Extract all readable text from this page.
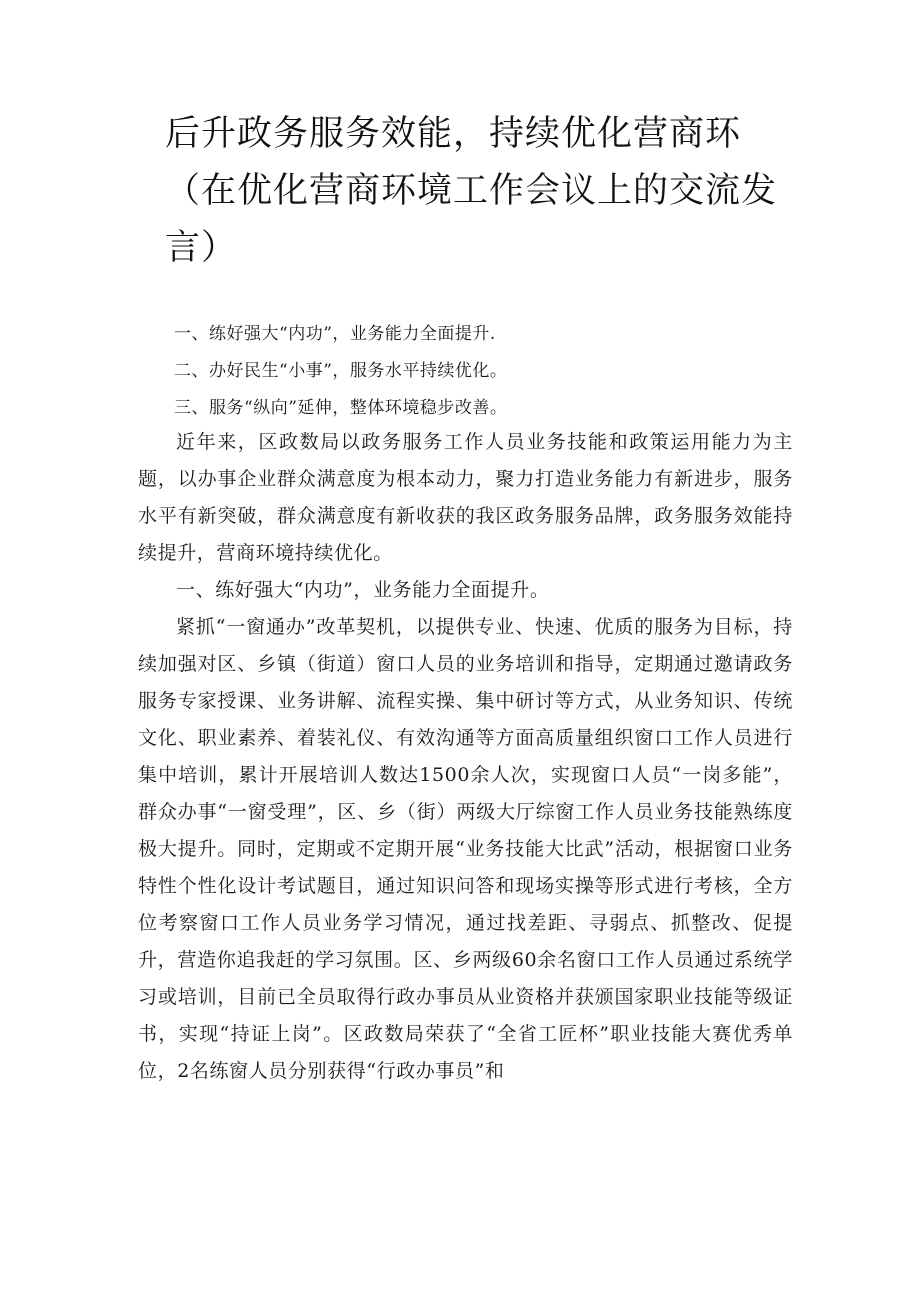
后升政务服务效能，持续优化营商环（在优化营商环境工作会议上的交流发言）

一、练好强大“内功”，业务能力全面提升.

二、办好民生“小事”，服务水平持续优化。

三、服务“纵向”延伸，整体环境稳步改善。

近年来，区政数局以政务服务工作人员业务技能和政策运用能力为主题，以办事企业群众满意度为根本动力，聚力打造业务能力有新进步，服务水平有新突破，群众满意度有新收获的我区政务服务品牌，政务服务效能持续提升，营商环境持续优化。

一、练好强大“内功”，业务能力全面提升。

紧抓“一窗通办”改革契机，以提供专业、快速、优质的服务为目标，持续加强对区、乡镇（街道）窗口人员的业务培训和指导，定期通过邀请政务服务专家授课、业务讲解、流程实操、集中研讨等方式，从业务知识、传统文化、职业素养、着装礼仪、有效沟通等方面高质量组织窗口工作人员进行集中培训，累计开展培训人数达1500余人次，实现窗口人员“一岗多能”，群众办事“一窗受理”，区、乡（街）两级大厅综窗工作人员业务技能熟练度极大提升。同时，定期或不定期开展“业务技能大比武”活动，根据窗口业务特性个性化设计考试题目，通过知识问答和现场实操等形式进行考核，全方位考察窗口工作人员业务学习情况，通过找差距、寻弱点、抓整改、促提升，营造你追我赶的学习氛围。区、乡两级60余名窗口工作人员通过系统学习或培训，目前已全员取得行政办事员从业资格并获颁国家职业技能等级证书，实现“持证上岗”。区政数局荣获了“全省工匠杯”职业技能大赛优秀单位，2名练窗人员分别获得“行政办事员”和
